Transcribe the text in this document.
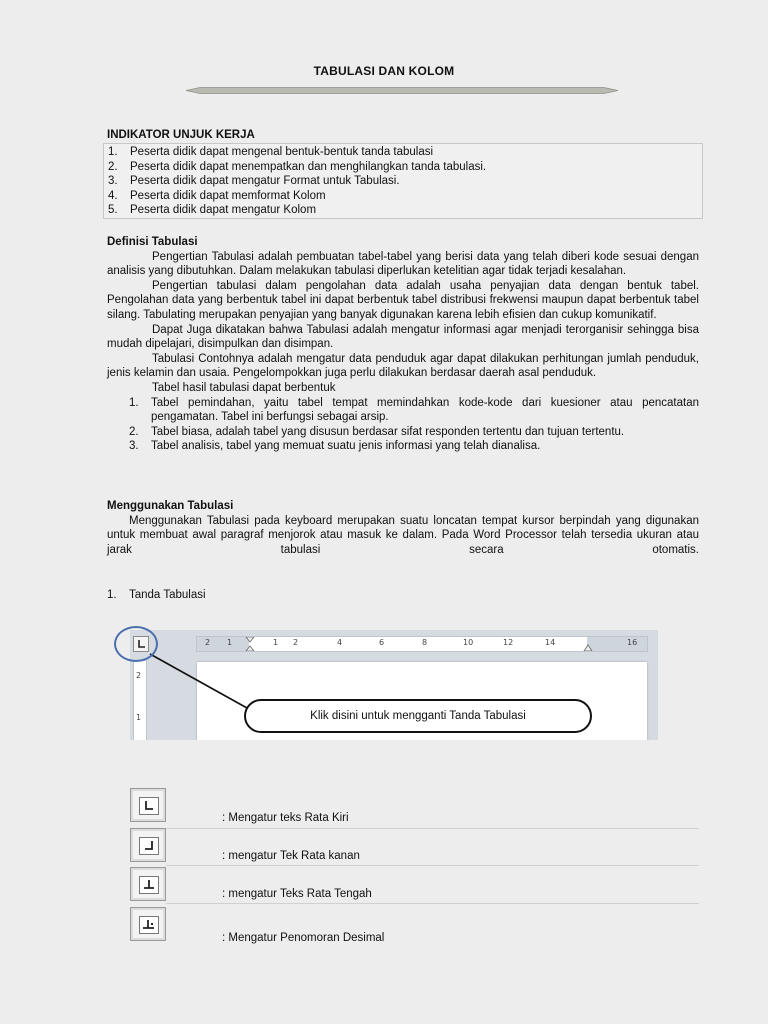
TABULASI DAN KOLOM
INDIKATOR UNJUK KERJA
1.	Peserta didik dapat mengenal bentuk-bentuk tanda tabulasi
2.	Peserta didik dapat menempatkan dan menghilangkan tanda tabulasi.
3.	Peserta didik dapat mengatur Format untuk Tabulasi.
4.	Peserta didik dapat memformat Kolom
5.	Peserta didik dapat mengatur Kolom
Definisi Tabulasi
Pengertian Tabulasi adalah pembuatan tabel-tabel yang berisi data yang telah diberi kode sesuai dengan analisis yang dibutuhkan. Dalam melakukan tabulasi diperlukan ketelitian agar tidak terjadi kesalahan.
Pengertian tabulasi dalam pengolahan data adalah usaha penyajian data dengan bentuk tabel. Pengolahan data yang berbentuk tabel ini dapat berbentuk tabel distribusi frekwensi maupun dapat berbentuk tabel silang. Tabulating merupakan penyajian yang banyak digunakan karena lebih efisien dan cukup komunikatif.
Dapat Juga dikatakan bahwa Tabulasi adalah mengatur informasi agar menjadi terorganisir sehingga bisa mudah dipelajari, disimpulkan dan disimpan.
Tabulasi Contohnya adalah mengatur data penduduk agar dapat dilakukan perhitungan jumlah penduduk, jenis kelamin dan usaia. Pengelompokkan juga perlu dilakukan berdasar daerah asal penduduk.
Tabel hasil tabulasi dapat berbentuk
1.	Tabel pemindahan, yaitu tabel tempat memindahkan kode-kode dari kuesioner atau pencatatan pengamatan. Tabel ini berfungsi sebagai arsip.
2.	Tabel biasa, adalah tabel yang disusun berdasar sifat responden tertentu dan tujuan tertentu.
3.	Tabel analisis, tabel yang memuat suatu jenis informasi yang telah dianalisa.
Menggunakan Tabulasi
Menggunakan Tabulasi pada keyboard merupakan suatu loncatan tempat kursor berpindah yang digunakan untuk membuat awal paragraf menjorok atau masuk ke dalam. Pada Word Processor telah tersedia ukuran atau jarak tabulasi secara otomatis.
1.	Tanda Tabulasi
2 1	1 2	4	6	8	10	12	14	16
2
1	Klik disini untuk mengganti Tanda Tabulasi
: Mengatur teks Rata Kiri
: mengatur Tek Rata kanan
: mengatur Teks Rata Tengah
: Mengatur Penomoran Desimal
